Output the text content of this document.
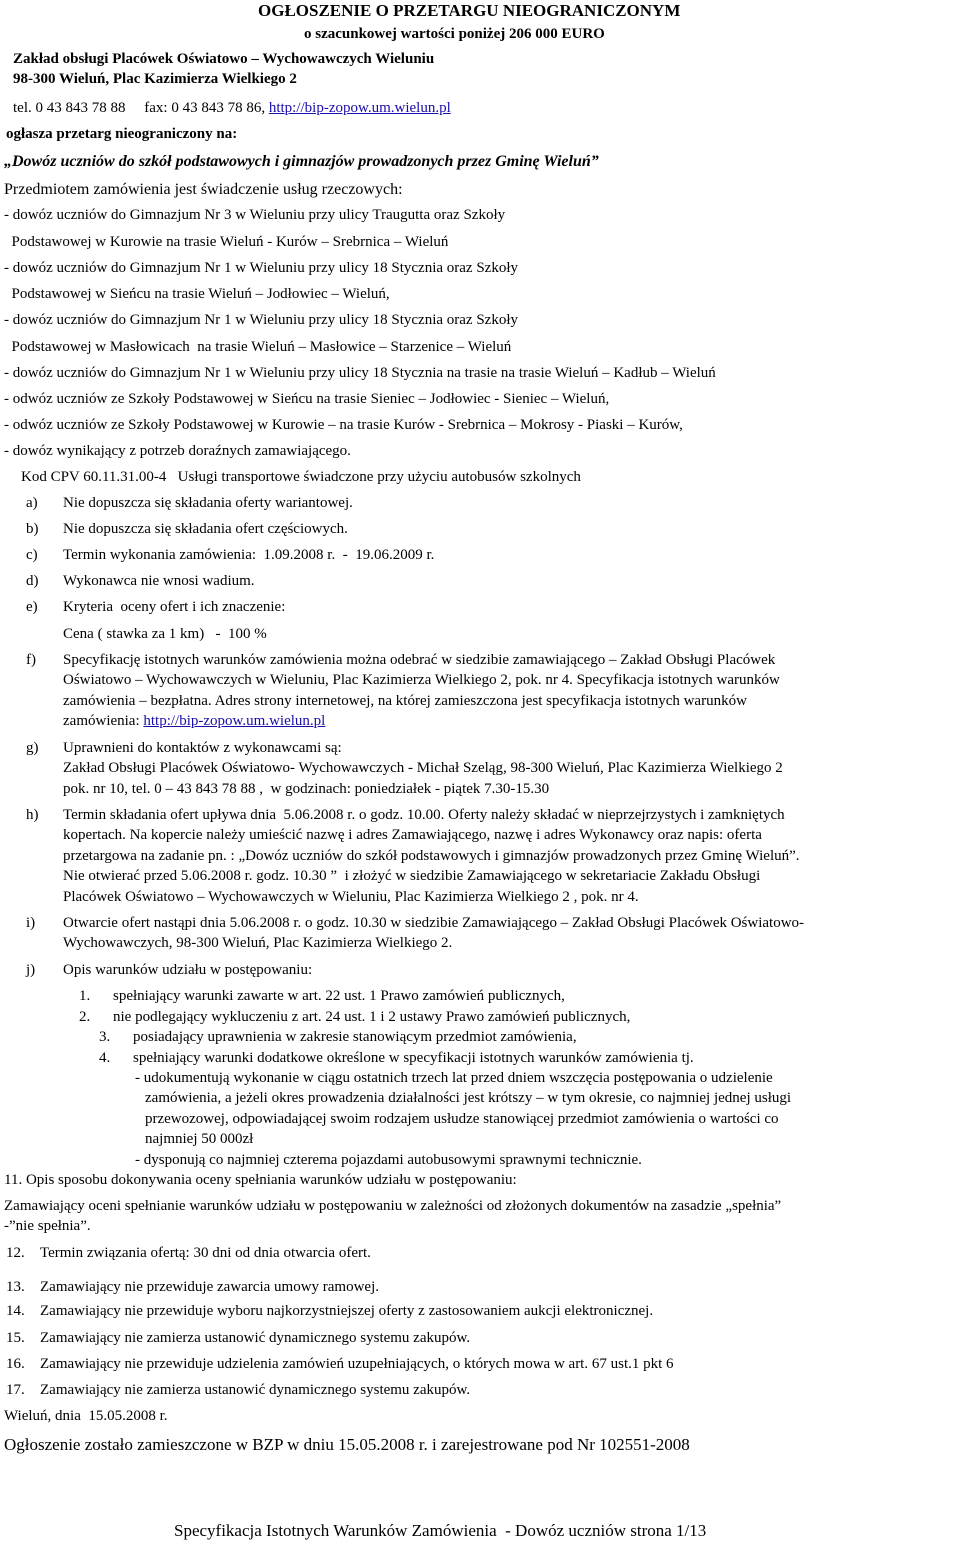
OGŁOSZENIE O PRZETARGU NIEOGRANICZONYM
o szacunkowej wartości poniżej 206 000 EURO
Zakład obsługi Placówek Oświatowo – Wychowawczych Wieluniu
98-300 Wieluń, Plac Kazimierza Wielkiego 2
tel. 0 43 843 78 88     fax: 0 43 843 78 86, http://bip-zopow.um.wielun.pl
ogłasza przetarg nieograniczony na:
„Dowóz uczniów do szkół podstawowych i gimnazjów prowadzonych przez Gminę Wieluń”
Przedmiotem zamówienia jest świadczenie usług rzeczowych:
- dowóz uczniów do Gimnazjum Nr 3 w Wieluniu przy ulicy Traugutta oraz Szkoły
Podstawowej w Kurowie na trasie Wieluń - Kurów – Srebrnica – Wieluń
- dowóz uczniów do Gimnazjum Nr 1 w Wieluniu przy ulicy 18 Stycznia oraz Szkoły
Podstawowej w Sieńcu na trasie Wieluń – Jodłowiec – Wieluń,
- dowóz uczniów do Gimnazjum Nr 1 w Wieluniu przy ulicy 18 Stycznia oraz Szkoły
Podstawowej w Masłowicach  na trasie Wieluń – Masłowice – Starzenice – Wieluń
- dowóz uczniów do Gimnazjum Nr 1 w Wieluniu przy ulicy 18 Stycznia na trasie na trasie Wieluń – Kadłub – Wieluń
- odwóz uczniów ze Szkoły Podstawowej w Sieńcu na trasie Sieniec – Jodłowiec - Sieniec – Wieluń,
- odwóz uczniów ze Szkoły Podstawowej w Kurowie – na trasie Kurów - Srebrnica – Mokrosy - Piaski – Kurów,
- dowóz wynikający z potrzeb doraźnych zamawiającego.
Kod CPV 60.11.31.00-4   Usługi transportowe świadczone przy użyciu autobusów szkolnych
a) Nie dopuszcza się składania oferty wariantowej.
b) Nie dopuszcza się składania ofert częściowych.
c) Termin wykonania zamówienia:  1.09.2008 r.  -  19.06.2009 r.
d) Wykonawca nie wnosi wadium.
e) Kryteria  oceny ofert i ich znaczenie:
Cena ( stawka za 1 km)   -  100 %
f) Specyfikację istotnych warunków zamówienia można odebrać w siedzibie zamawiającego – Zakład Obsługi Placówek
Oświatowo – Wychowawczych w Wieluniu, Plac Kazimierza Wielkiego 2, pok. nr 4. Specyfikacja istotnych warunków
zamówienia – bezpłatna. Adres strony internetowej, na której zamieszczona jest specyfikacja istotnych warunków
zamówienia: http://bip-zopow.um.wielun.pl
g) Uprawnieni do kontaktów z wykonawcami są:
Zakład Obsługi Placówek Oświatowo- Wychowawczych - Michał Szeląg, 98-300 Wieluń, Plac Kazimierza Wielkiego 2
pok. nr 10, tel. 0 – 43 843 78 88 ,  w godzinach: poniedziałek - piątek 7.30-15.30
h) Termin składania ofert upływa dnia  5.06.2008 r. o godz. 10.00. Oferty należy składać w nieprzejrzystych i zamkniętych
kopertach. Na kopercie należy umieścić nazwę i adres Zamawiającego, nazwę i adres Wykonawcy oraz napis: oferta
przetargowa na zadanie pn. : „Dowóz uczniów do szkół podstawowych i gimnazjów prowadzonych przez Gminę Wieluń”.
Nie otwierać przed 5.06.2008 r. godz. 10.30 ”  i złożyć w siedzibie Zamawiającego w sekretariacie Zakładu Obsługi
Placówek Oświatowo – Wychowawczych w Wieluniu, Plac Kazimierza Wielkiego 2 , pok. nr 4.
i) Otwarcie ofert nastąpi dnia 5.06.2008 r. o godz. 10.30 w siedzibie Zamawiającego – Zakład Obsługi Placówek Oświatowo-
Wychowawczych, 98-300 Wieluń, Plac Kazimierza Wielkiego 2.
j) Opis warunków udziału w postępowaniu:
1. spełniający warunki zawarte w art. 22 ust. 1 Prawo zamówień publicznych,
2. nie podlegający wykluczeniu z art. 24 ust. 1 i 2 ustawy Prawo zamówień publicznych,
3. posiadający uprawnienia w zakresie stanowiącym przedmiot zamówienia,
4. spełniający warunki dodatkowe określone w specyfikacji istotnych warunków zamówienia tj.
- udokumentują wykonanie w ciągu ostatnich trzech lat przed dniem wszczęcia postępowania o udzielenie
zamówienia, a jeżeli okres prowadzenia działalności jest krótszy – w tym okresie, co najmniej jednej usługi
przewozowej, odpowiadającej swoim rodzajem usłudze stanowiącej przedmiot zamówienia o wartości co
najmniej 50 000zł
- dysponują co najmniej czterema pojazdami autobusowymi sprawnymi technicznie.
11. Opis sposobu dokonywania oceny spełniania warunków udziału w postępowaniu:
Zamawiający oceni spełnianie warunków udziału w postępowaniu w zależności od złożonych dokumentów na zasadzie „spełnia”
-”nie spełnia”.
12. Termin związania ofertą: 30 dni od dnia otwarcia ofert.
13. Zamawiający nie przewiduje zawarcia umowy ramowej.
14. Zamawiający nie przewiduje wyboru najkorzystniejszej oferty z zastosowaniem aukcji elektronicznej.
15. Zamawiający nie zamierza ustanowić dynamicznego systemu zakupów.
16. Zamawiający nie przewiduje udzielenia zamówień uzupełniających, o których mowa w art. 67 ust.1 pkt 6
17. Zamawiający nie zamierza ustanowić dynamicznego systemu zakupów.
Wieluń, dnia  15.05.2008 r.
Ogłoszenie zostało zamieszczone w BZP w dniu 15.05.2008 r. i zarejestrowane pod Nr 102551-2008
Specyfikacja Istotnych Warunków Zamówienia  - Dowóz uczniów strona 1/13
